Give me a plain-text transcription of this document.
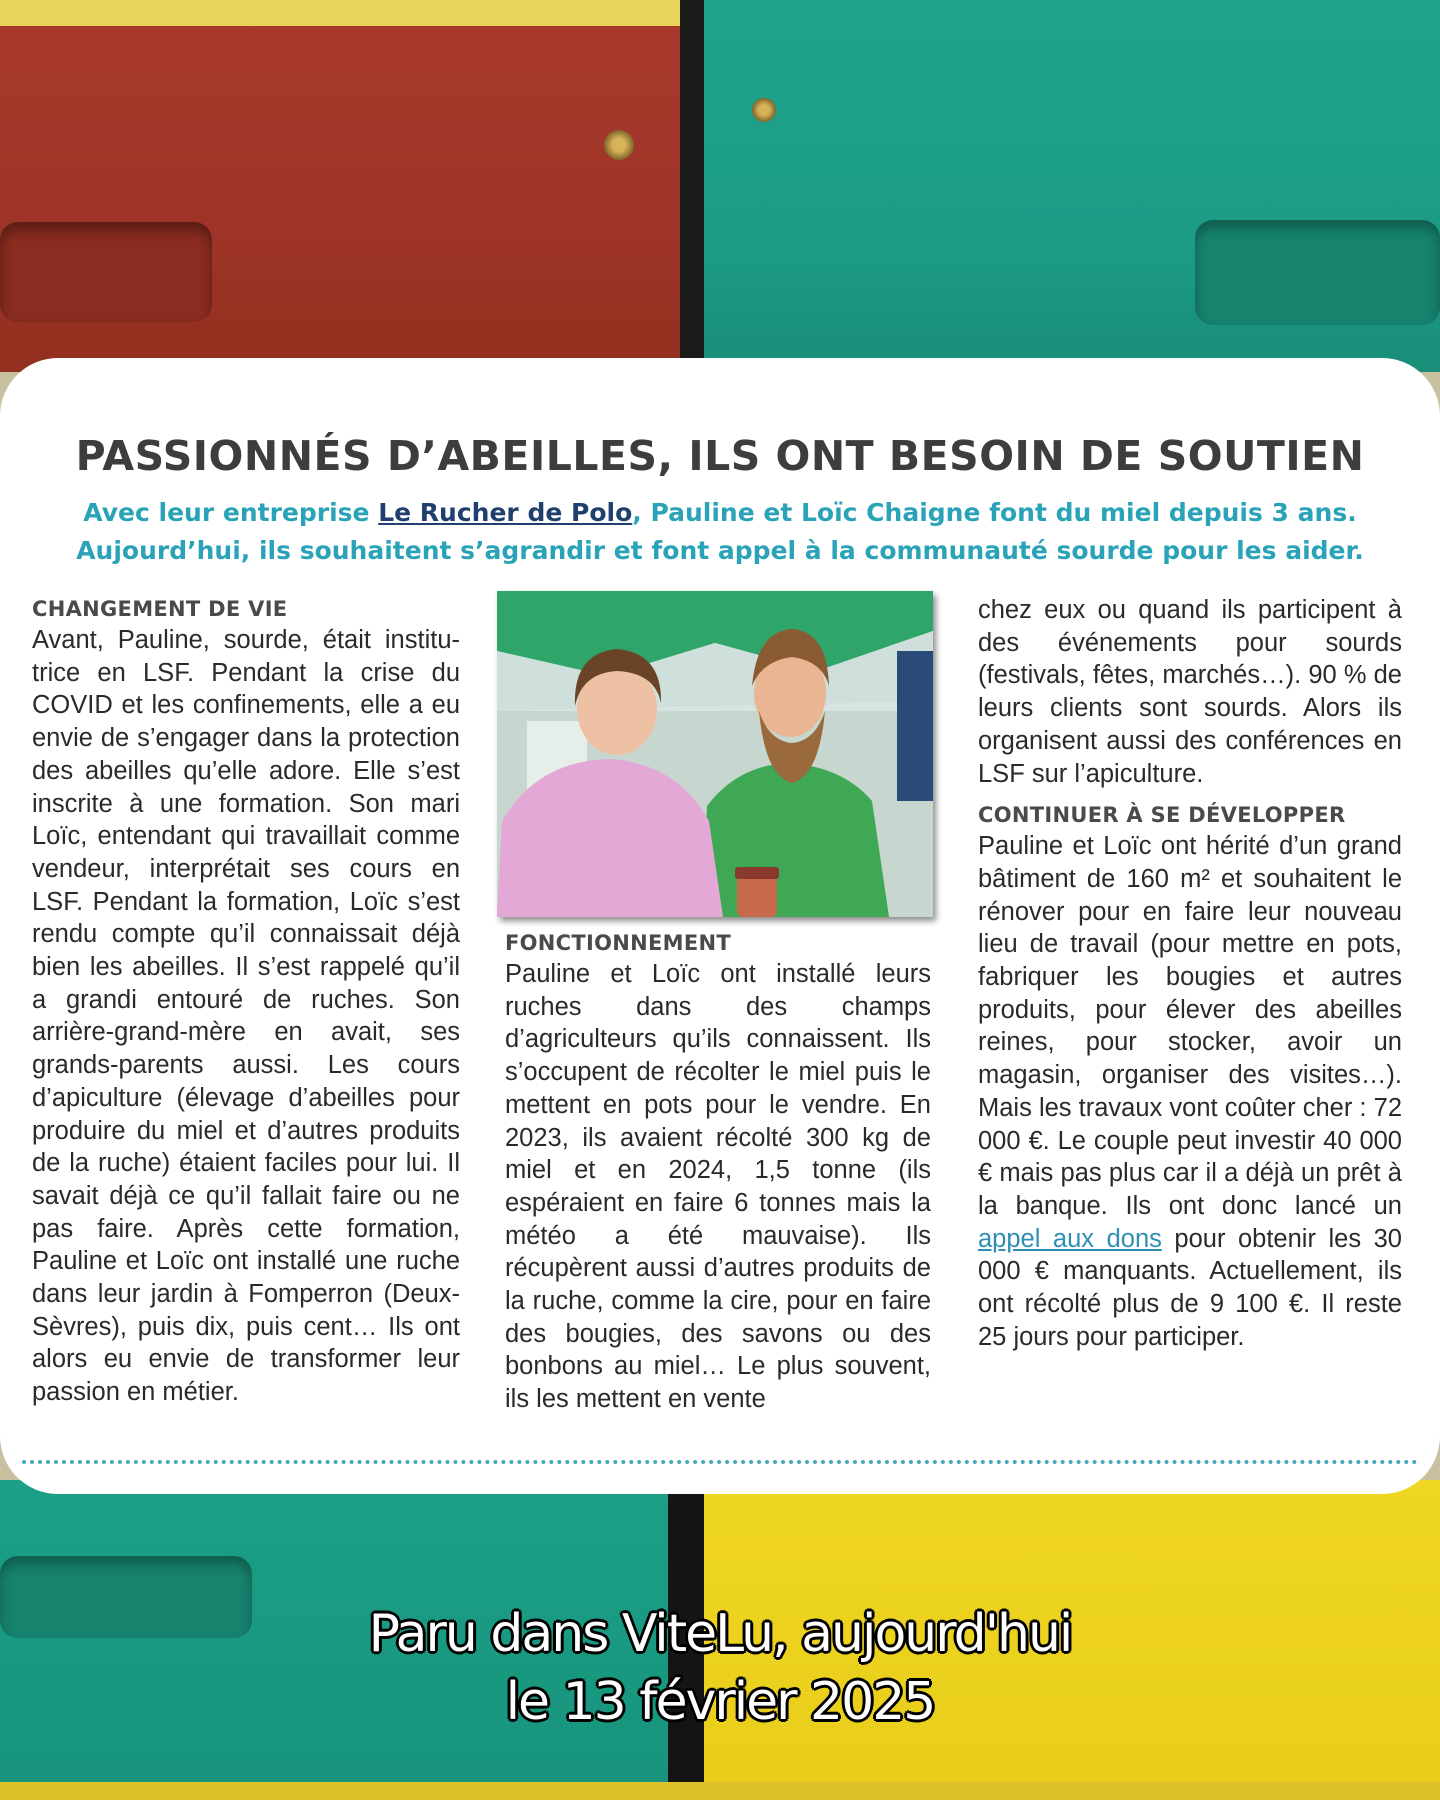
PASSIONNÉS D’ABEILLES, ILS ONT BESOIN DE SOUTIEN
Avec leur entreprise Le Rucher de Polo, Pauline et Loïc Chaigne font du miel depuis 3 ans.
Aujourd’hui, ils souhaitent s’agrandir et font appel à la communauté sourde pour les aider.
CHANGEMENT DE VIE

Avant, Pauline, sourde, était institutrice en LSF. Pendant la crise du COVID et les confinements, elle a eu envie de s’engager dans la protection des abeilles qu’elle adore. Elle s’est inscrite à une formation. Son mari Loïc, entendant qui travaillait comme vendeur, interprétait ses cours en LSF. Pendant la formation, Loïc s’est rendu compte qu’il connaissait déjà bien les abeilles. Il s’est rappelé qu’il a grandi entouré de ruches. Son arrière-grand-mère en avait, ses grands-parents aussi. Les cours d’apiculture (élevage d’abeilles pour produire du miel et d’autres produits de la ruche) étaient faciles pour lui. Il savait déjà ce qu’il fallait faire ou ne pas faire. Après cette formation, Pauline et Loïc ont installé une ruche dans leur jardin à Fomperron (Deux-Sèvres), puis dix, puis cent… Ils ont alors eu envie de transformer leur passion en métier.

FONCTIONNEMENT

Pauline et Loïc ont installé leurs ruches dans des champs d’agriculteurs qu’ils connaissent. Ils s’occupent de récolter le miel puis le mettent en pots pour le vendre. En 2023, ils avaient récolté 300 kg de miel et en 2024, 1,5 tonne (ils espéraient en faire 6 tonnes mais la météo a été mauvaise). Ils récupèrent aussi d’autres produits de la ruche, comme la cire, pour en faire des bougies, des savons ou des bonbons au miel… Le plus souvent, ils les mettent en vente

chez eux ou quand ils participent à des événements pour sourds (festivals, fêtes, marchés…). 90 % de leurs clients sont sourds. Alors ils organisent aussi des conférences en LSF sur l’apiculture.

CONTINUER À SE DÉVELOPPER

Pauline et Loïc ont hérité d’un grand bâtiment de 160 m² et souhaitent le rénover pour en faire leur nouveau lieu de travail (pour mettre en pots, fabriquer les bougies et autres produits, pour élever des abeilles reines, pour stocker, avoir un magasin, organiser des visites…). Mais les travaux vont coûter cher : 72 000 €. Le couple peut investir 40 000 € mais pas plus car il a déjà un prêt à la banque. Ils ont donc lancé un appel aux dons pour obtenir les 30 000 € manquants. Actuellement, ils ont récolté plus de 9 100 €. Il reste 25 jours pour participer.

Paru dans ViteLu, aujourd'hui
le 13 février 2025
